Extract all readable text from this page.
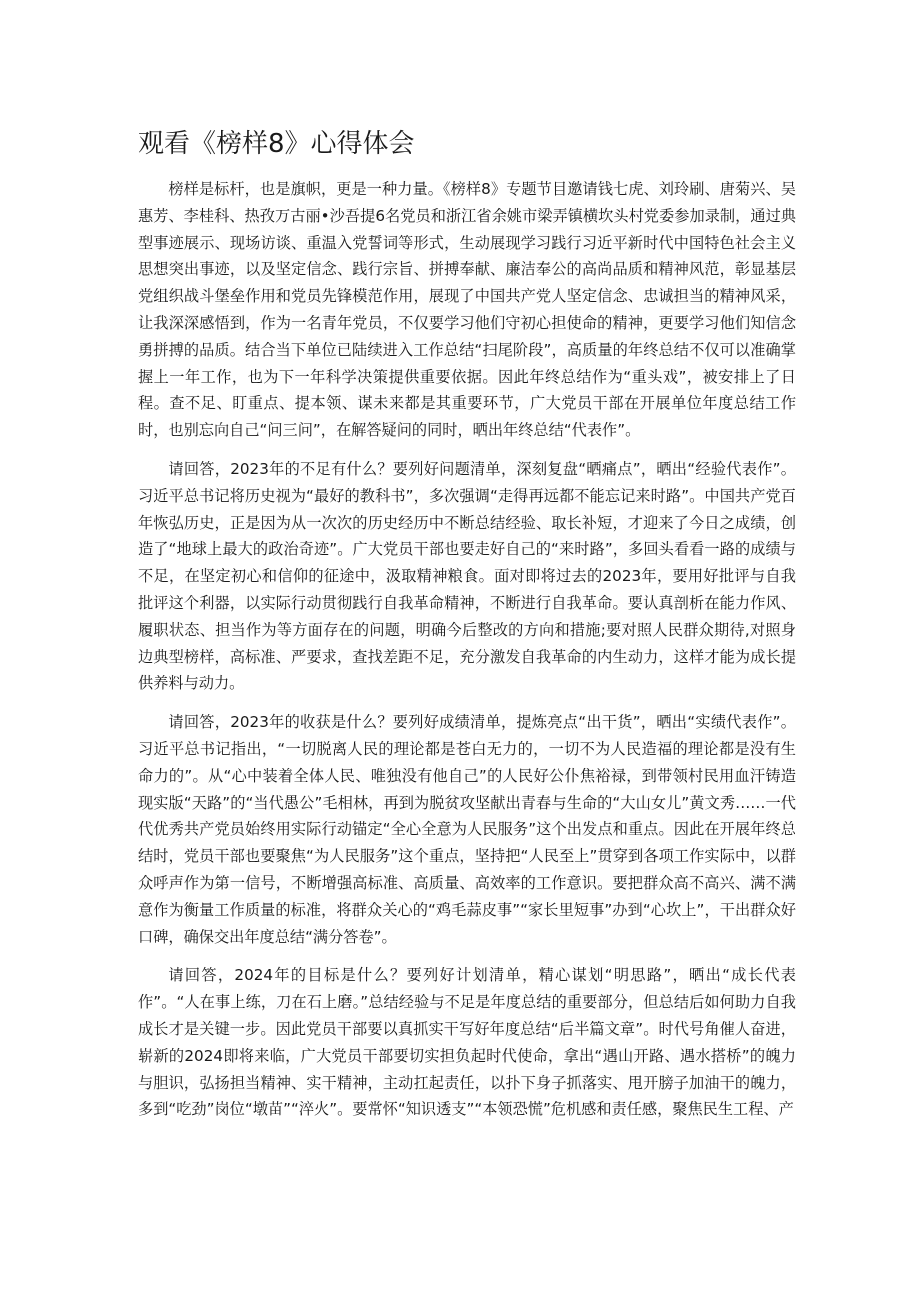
观看《榜样8》心得体会

榜样是标杆，也是旗帜，更是一种力量。《榜样8》专题节目邀请钱七虎、刘玲刷、唐菊兴、吴惠芳、李桂科、热孜万古丽•沙吾提6名党员和浙江省余姚市梁弄镇横坎头村党委参加录制，通过典型事迹展示、现场访谈、重温入党誓词等形式，生动展现学习践行习近平新时代中国特色社会主义思想突出事迹，以及坚定信念、践行宗旨、拼搏奉献、廉洁奉公的高尚品质和精神风范，彰显基层党组织战斗堡垒作用和党员先锋模范作用，展现了中国共产党人坚定信念、忠诚担当的精神风采，让我深深感悟到，作为一名青年党员，不仅要学习他们守初心担使命的精神，更要学习他们知信念勇拼搏的品质。结合当下单位已陆续进入工作总结“扫尾阶段”，高质量的年终总结不仅可以准确掌握上一年工作，也为下一年科学决策提供重要依据。因此年终总结作为“重头戏”，被安排上了日程。查不足、盯重点、提本领、谋未来都是其重要环节，广大党员干部在开展单位年度总结工作时，也别忘向自己“问三问”，在解答疑问的同时，晒出年终总结“代表作”。

请回答，2023年的不足有什么？要列好问题清单，深刻复盘“晒痛点”，晒出“经验代表作”。习近平总书记将历史视为“最好的教科书”，多次强调“走得再远都不能忘记来时路”。中国共产党百年恢弘历史，正是因为从一次次的历史经历中不断总结经验、取长补短，才迎来了今日之成绩，创造了“地球上最大的政治奇迹”。广大党员干部也要走好自己的“来时路”，多回头看看一路的成绩与不足，在坚定初心和信仰的征途中，汲取精神粮食。面对即将过去的2023年，要用好批评与自我批评这个利器，以实际行动贯彻践行自我革命精神，不断进行自我革命。要认真剖析在能力作风、履职状态、担当作为等方面存在的问题，明确今后整改的方向和措施;要对照人民群众期待,对照身边典型榜样，高标准、严要求，查找差距不足，充分激发自我革命的内生动力，这样才能为成长提供养料与动力。

请回答，2023年的收获是什么？要列好成绩清单，提炼亮点“出干货”，晒出“实绩代表作”。习近平总书记指出，“一切脱离人民的理论都是苍白无力的，一切不为人民造福的理论都是没有生命力的”。从“心中装着全体人民、唯独没有他自己”的人民好公仆焦裕禄，到带领村民用血汗铸造现实版“天路”的“当代愚公”毛相林，再到为脱贫攻坚献出青春与生命的“大山女儿”黄文秀……一代代优秀共产党员始终用实际行动锚定“全心全意为人民服务”这个出发点和重点。因此在开展年终总结时，党员干部也要聚焦“为人民服务”这个重点，坚持把“人民至上”贯穿到各项工作实际中，以群众呼声作为第一信号，不断增强高标准、高质量、高效率的工作意识。要把群众高不高兴、满不满意作为衡量工作质量的标准，将群众关心的“鸡毛蒜皮事”“家长里短事”办到“心坎上”，干出群众好口碑，确保交出年度总结“满分答卷”。

请回答，2024年的目标是什么？要列好计划清单，精心谋划“明思路”，晒出“成长代表作”。“人在事上练，刀在石上磨。”总结经验与不足是年度总结的重要部分，但总结后如何助力自我成长才是关键一步。因此党员干部要以真抓实干写好年度总结“后半篇文章”。时代号角催人奋进，崭新的2024即将来临，广大党员干部要切实担负起时代使命，拿出“遇山开路、遇水搭桥”的魄力与胆识，弘扬担当精神、实干精神，主动扛起责任，以扑下身子抓落实、甩开膀子加油干的魄力，多到“吃劲”岗位“墩苗”“淬火”。要常怀“知识透支”“本领恐慌”危机感和责任感，聚焦民生工程、产
